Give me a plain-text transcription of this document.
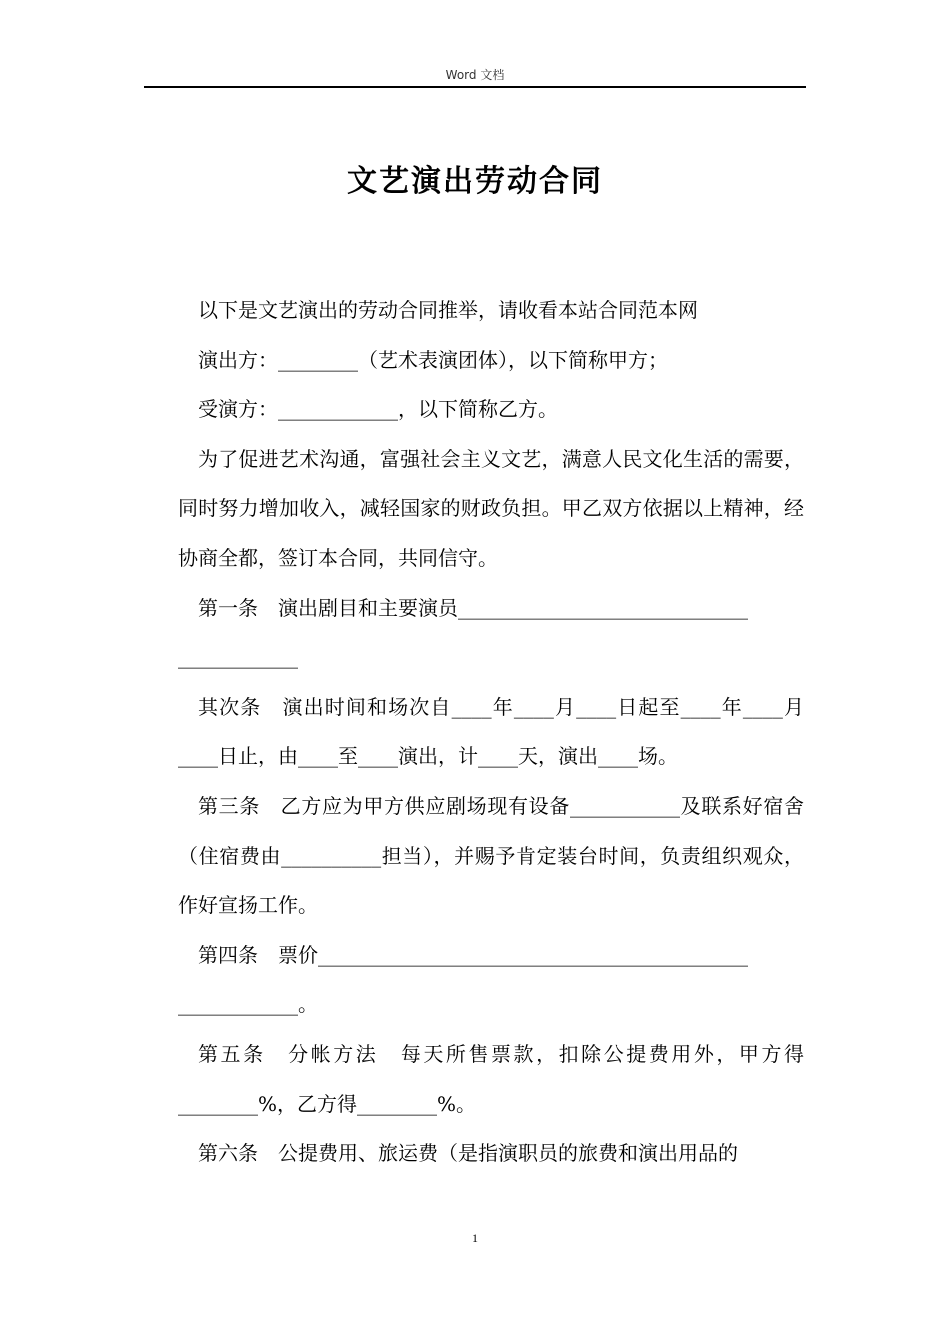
Word 文档
文艺演出劳动合同

以下是文艺演出的劳动合同推举，请收看本站合同范本网

演出方：________（艺术表演团体），以下简称甲方；

受演方：____________，以下简称乙方。

为了促进艺术沟通，富强社会主义文艺，满意人民文化生活的需要，同时努力增加收入，减轻国家的财政负担。甲乙双方依据以上精神，经协商全都，签订本合同，共同信守。

第一条　演出剧目和主要演员_____________________________
____________

其次条　演出时间和场次自____年____月____日起至____年____月____日止，由____至____演出，计____天，演出____场。

第三条　乙方应为甲方供应剧场现有设备___________及联系好宿舍（住宿费由__________担当），并赐予肯定装台时间，负责组织观众，作好宣扬工作。

第四条　票价___________________________________________
____________。

第五条　分帐方法　每天所售票款，扣除公提费用外，甲方得________%，乙方得________%。

第六条　公提费用、旅运费（是指演职员的旅费和演出用品的

1
